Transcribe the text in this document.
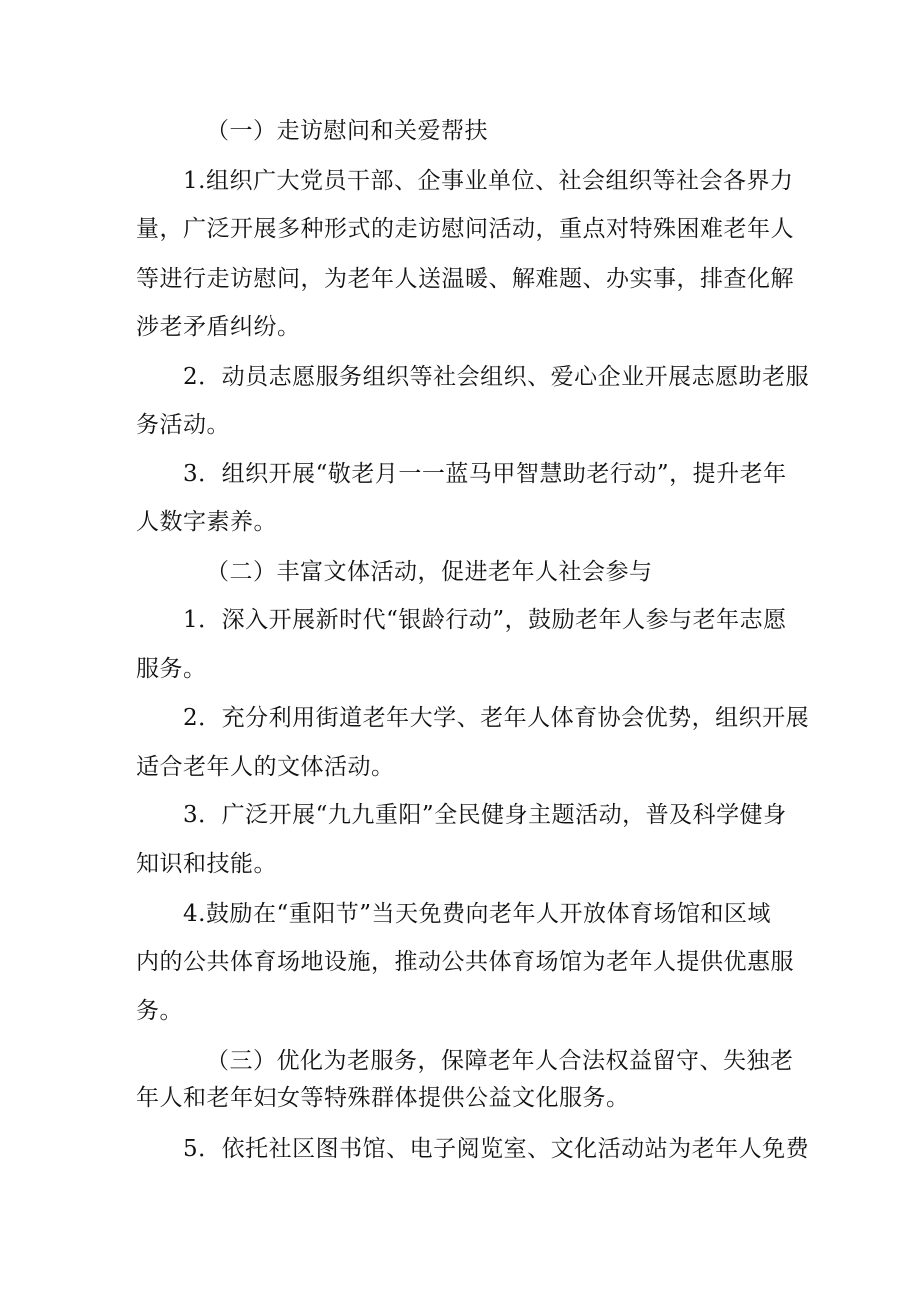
（一）走访慰问和关爱帮扶

1.组织广大党员干部、企事业单位、社会组织等社会各界力

量，广泛开展多种形式的走访慰问活动，重点对特殊困难老年人

等进行走访慰问，为老年人送温暖、解难题、办实事，排查化解

涉老矛盾纠纷。

2．动员志愿服务组织等社会组织、爱心企业开展志愿助老服

务活动。

3．组织开展“敬老月一一蓝马甲智慧助老行动”，提升老年

人数字素养。

（二）丰富文体活动，促进老年人社会参与

1．深入开展新时代“银龄行动”，鼓励老年人参与老年志愿

服务。

2．充分利用街道老年大学、老年人体育协会优势，组织开展

适合老年人的文体活动。

3．广泛开展“九九重阳”全民健身主题活动，普及科学健身

知识和技能。

4.鼓励在“重阳节”当天免费向老年人开放体育场馆和区域

内的公共体育场地设施，推动公共体育场馆为老年人提供优惠服

务。

（三）优化为老服务，保障老年人合法权益留守、失独老

年人和老年妇女等特殊群体提供公益文化服务。

5．依托社区图书馆、电子阅览室、文化活动站为老年人免费
